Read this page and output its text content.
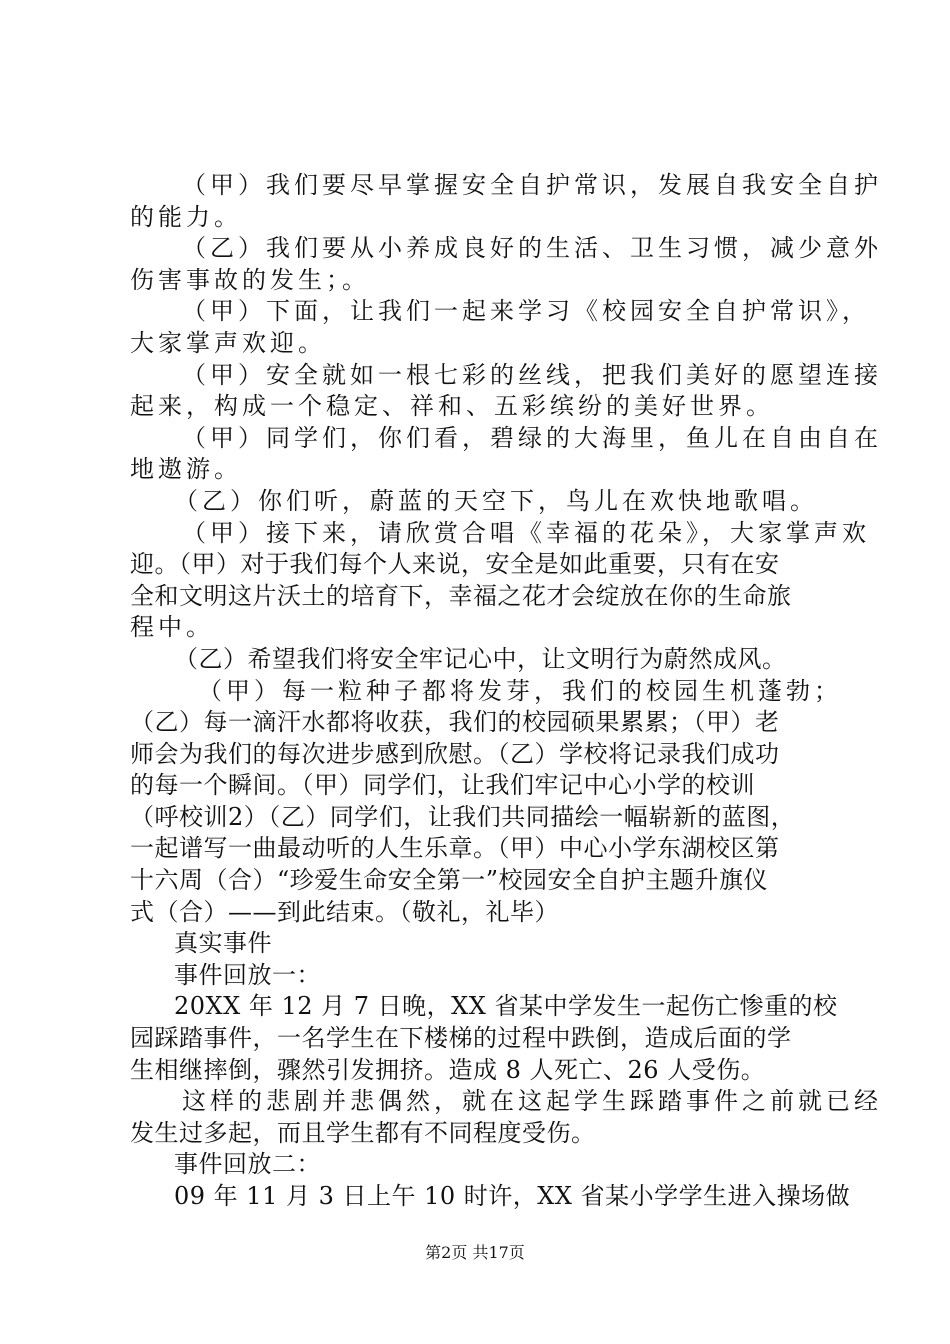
（甲）我们要尽早掌握安全自护常识，发展自我安全自护
的能力。
（乙）我们要从小养成良好的生活、卫生习惯，减少意外
伤害事故的发生；。
（甲）下面，让我们一起来学习《校园安全自护常识》，
大家掌声欢迎。
（甲）安全就如一根七彩的丝线，把我们美好的愿望连接
起来，构成一个稳定、祥和、五彩缤纷的美好世界。
（甲）同学们，你们看，碧绿的大海里，鱼儿在自由自在
地遨游。
（乙）你们听，蔚蓝的天空下，鸟儿在欢快地歌唱。
（甲）接下来，请欣赏合唱《幸福的花朵》，大家掌声欢
迎。（甲）对于我们每个人来说，安全是如此重要，只有在安
全和文明这片沃土的培育下，幸福之花才会绽放在你的生命旅
程中。
（乙）希望我们将安全牢记心中，让文明行为蔚然成风。
（甲）每一粒种子都将发芽，我们的校园生机蓬勃；
（乙）每一滴汗水都将收获，我们的校园硕果累累；（甲）老
师会为我们的每次进步感到欣慰。（乙）学校将记录我们成功
的每一个瞬间。（甲）同学们，让我们牢记中心小学的校训
（呼校训2）（乙）同学们，让我们共同描绘一幅崭新的蓝图，
一起谱写一曲最动听的人生乐章。（甲）中心小学东湖校区第
十六周（合）“珍爱生命安全第一”校园安全自护主题升旗仪
式（合）——到此结束。（敬礼，礼毕）
真实事件
事件回放一：
20XX 年 12 月 7 日晚，XX 省某中学发生一起伤亡惨重的校
园踩踏事件，一名学生在下楼梯的过程中跌倒，造成后面的学
生相继摔倒，骤然引发拥挤。造成 8 人死亡、26 人受伤。
这样的悲剧并悲偶然，就在这起学生踩踏事件之前就已经
发生过多起，而且学生都有不同程度受伤。
事件回放二：
09 年 11 月 3 日上午 10 时许，XX 省某小学学生进入操场做
第2页 共17页
